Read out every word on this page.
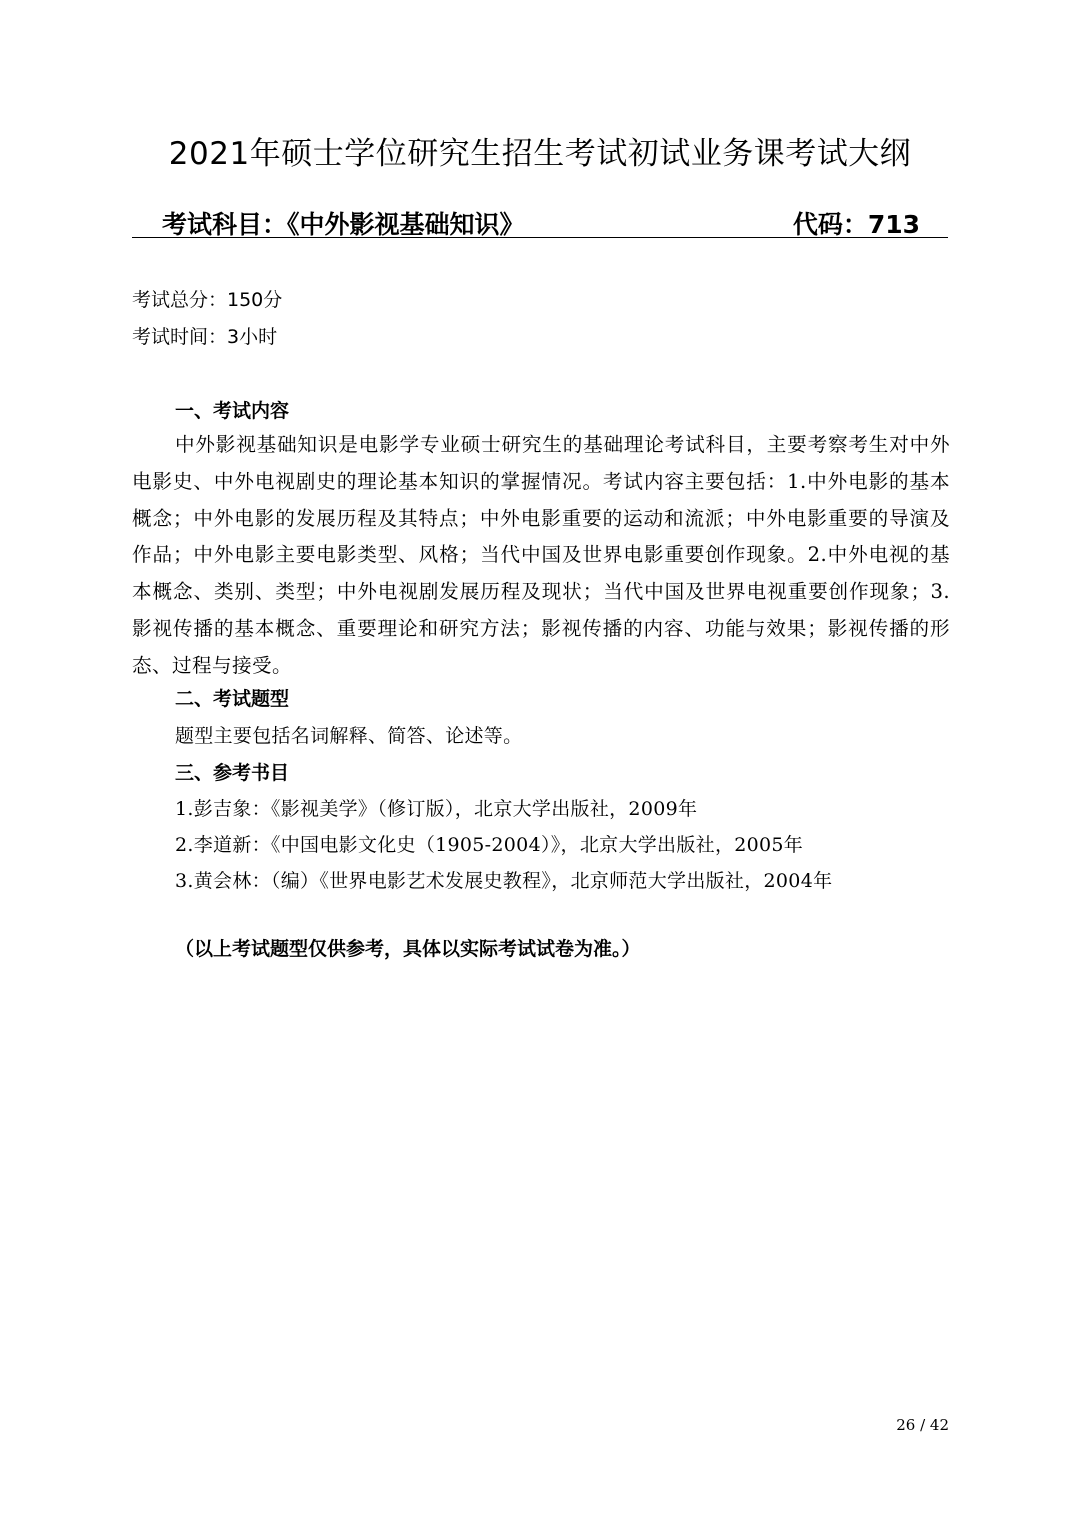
2021年硕士学位研究生招生考试初试业务课考试大纲
考试科目：《中外影视基础知识》	代码：713
考试总分：150分
考试时间：3小时
一、考试内容

中外影视基础知识是电影学专业硕士研究生的基础理论考试科目，主要考察考生对中外电影史、中外电视剧史的理论基本知识的掌握情况。考试内容主要包括：1.中外电影的基本概念；中外电影的发展历程及其特点；中外电影重要的运动和流派；中外电影重要的导演及作品；中外电影主要电影类型、风格；当代中国及世界电影重要创作现象。2.中外电视的基本概念、类别、类型；中外电视剧发展历程及现状；当代中国及世界电视重要创作现象；3.影视传播的基本概念、重要理论和研究方法；影视传播的内容、功能与效果；影视传播的形态、过程与接受。

二、考试题型
题型主要包括名词解释、简答、论述等。
三、参考书目
1.彭吉象：《影视美学》（修订版），北京大学出版社，2009年
2.李道新：《中国电影文化史（1905-2004）》，北京大学出版社，2005年
3.黄会林：（编）《世界电影艺术发展史教程》，北京师范大学出版社，2004年
（以上考试题型仅供参考，具体以实际考试试卷为准。）
26 / 42
